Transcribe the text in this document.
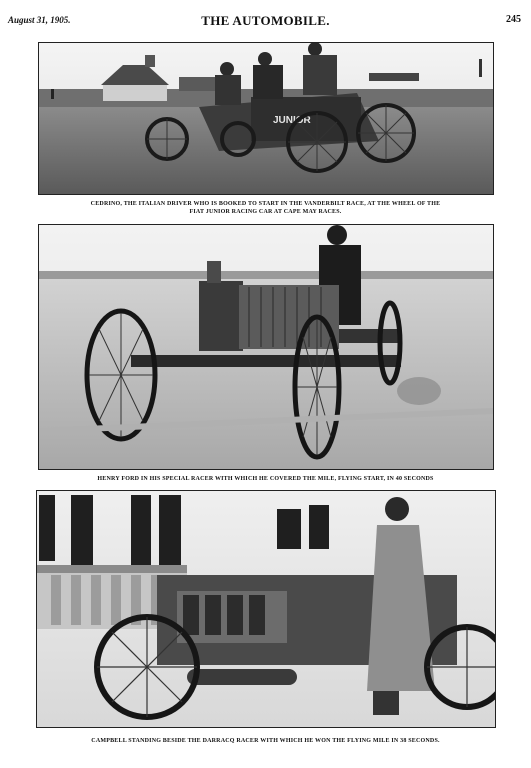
August 31, 1905.	THE AUTOMOBILE.	245
JUNIOR
CEDRINO, THE ITALIAN DRIVER WHO IS BOOKED TO START IN THE VANDERBILT RACE, AT THE WHEEL OF THE
FIAT JUNIOR RACING CAR AT CAPE MAY RACES.
HENRY FORD IN HIS SPECIAL RACER WITH WHICH HE COVERED THE MILE, FLYING START, IN 40 SECONDS
CAMPBELL STANDING BESIDE THE DARRACQ RACER WITH WHICH HE WON THE FLYING MILE IN 38 SECONDS.
